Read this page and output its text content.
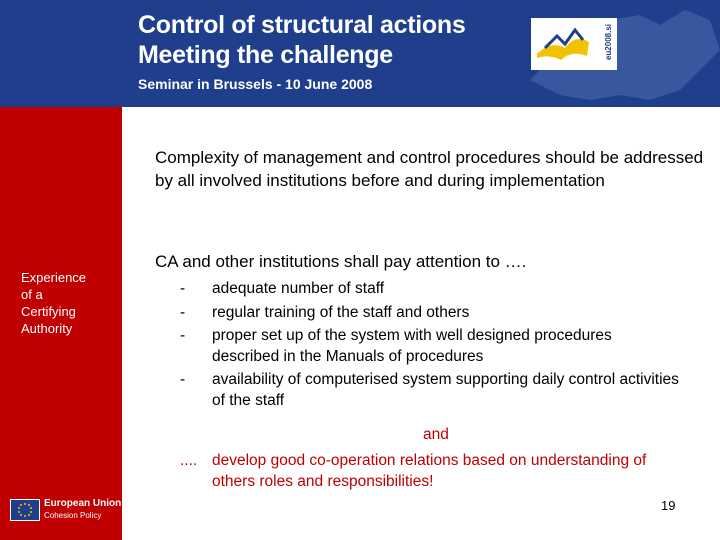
Control of structural actions
Meeting the challenge
Seminar in Brussels - 10 June 2008
eu2008.si
Experience
of a
Certifying
Authority
European Union
Cohesion Policy
Complexity of management and control procedures should be addressed by all involved institutions before and during implementation
CA and other institutions shall pay attention to ….
- adequate number of staff
- regular training of the staff and others
- proper set up of the system with well designed procedures described in the Manuals of procedures
- availability of computerised system supporting daily control activities of the staff
and
.... develop good co-operation relations based on understanding of others roles and responsibilities!
19
